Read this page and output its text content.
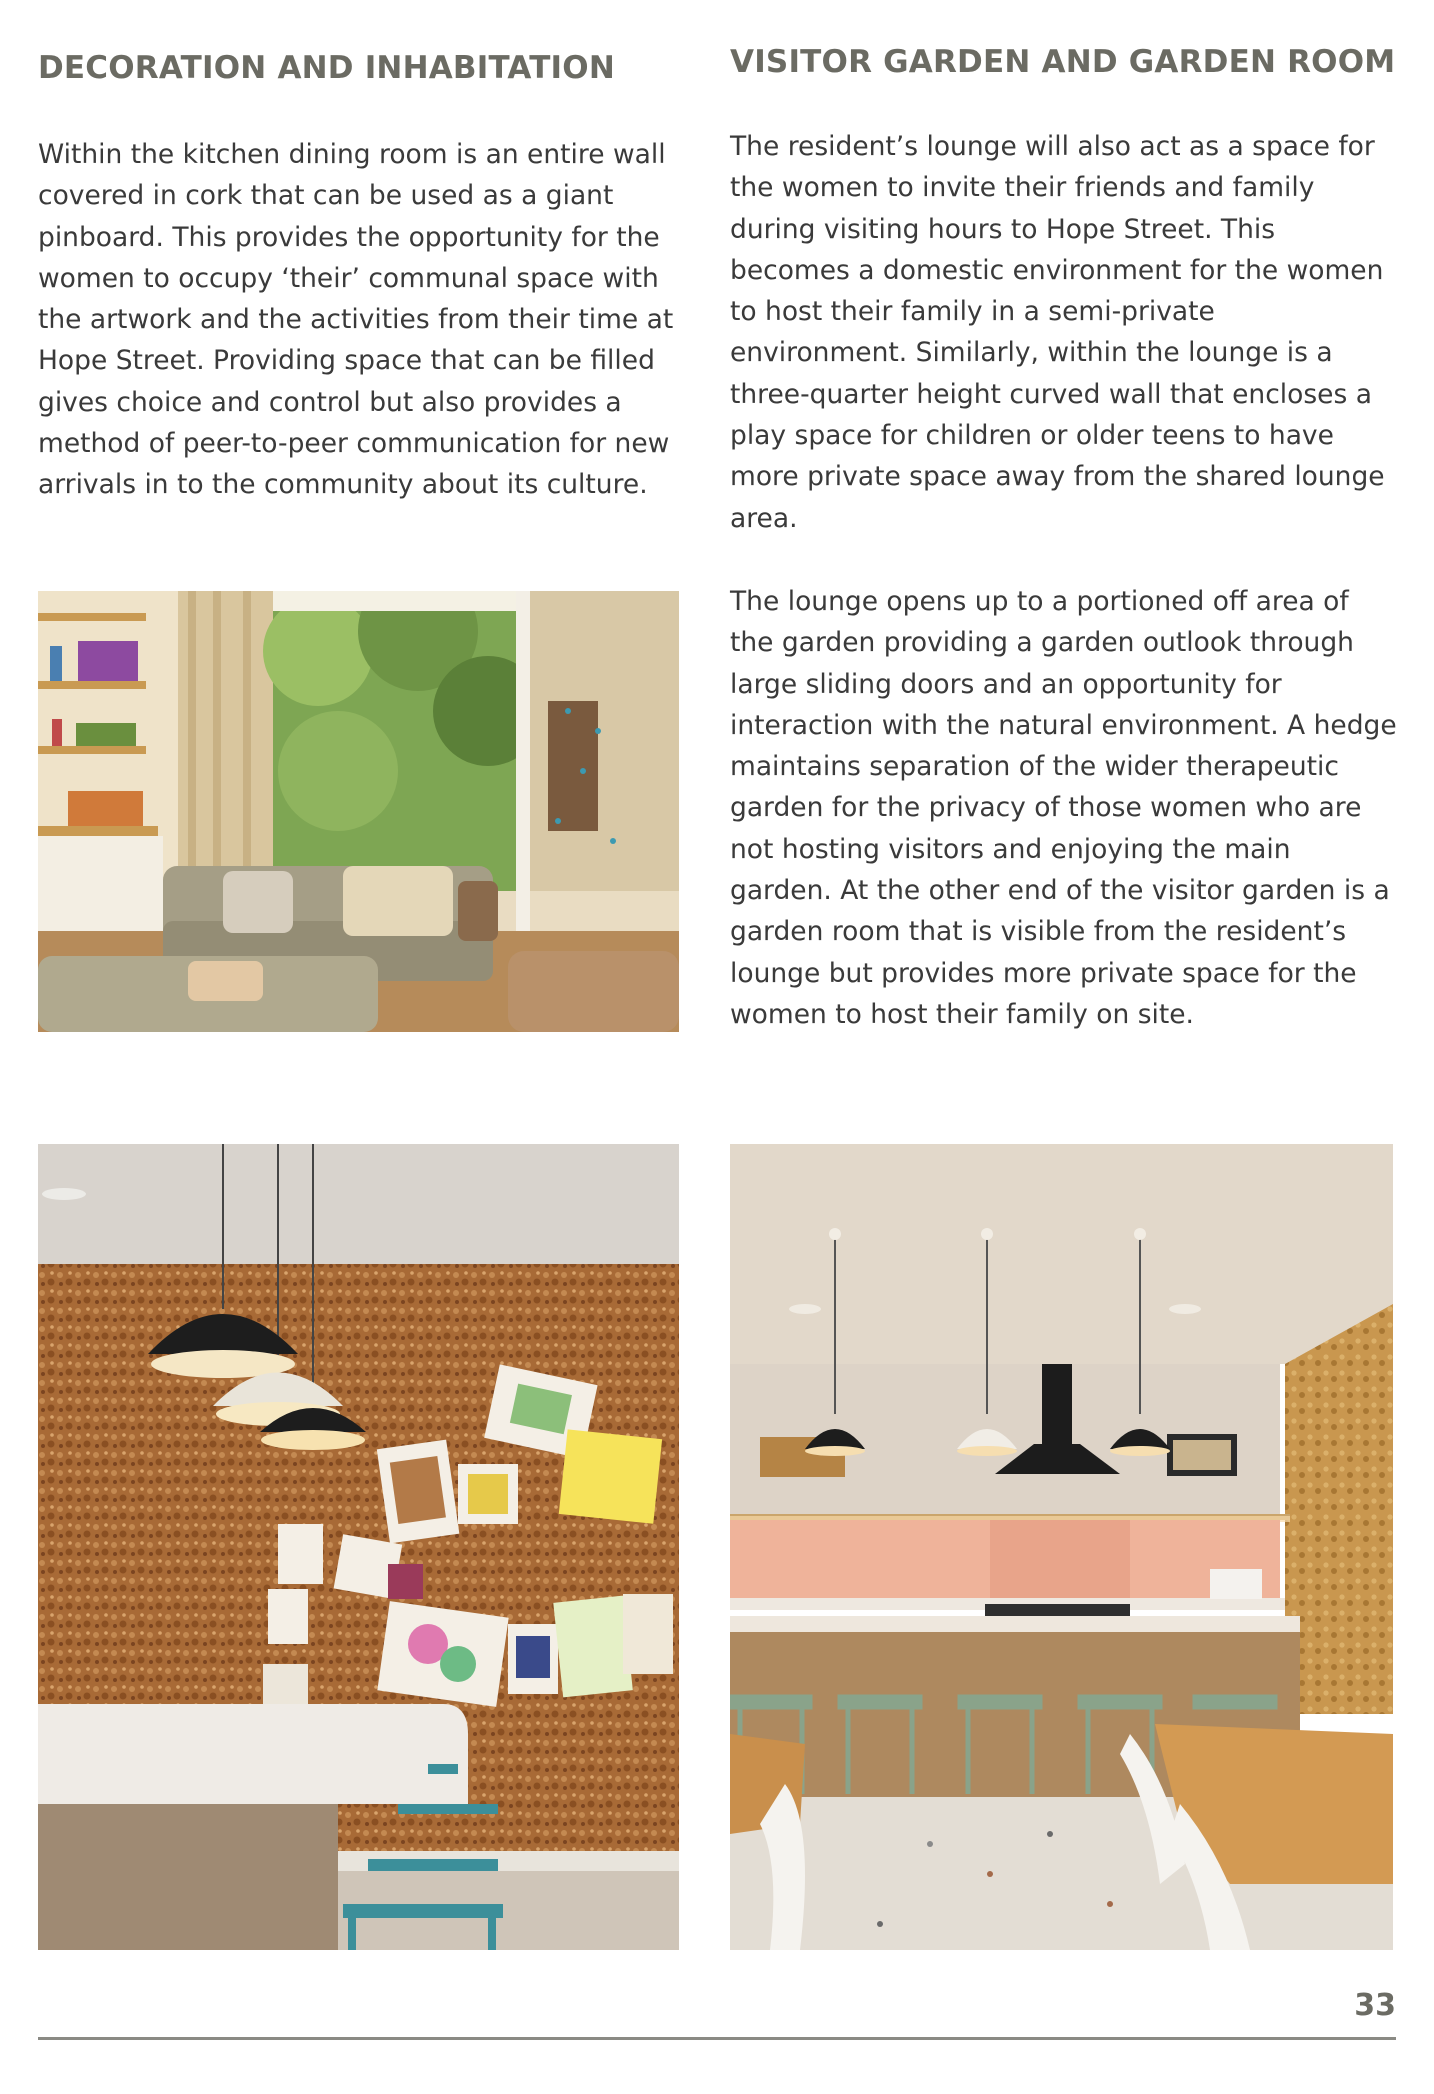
DECORATION AND INHABITATION

Within the kitchen dining room is an entire wall covered in cork that can be used as a giant pinboard. This provides the opportunity for the women to occupy ‘their’ communal space with the artwork and the activities from their time at Hope Street. Providing space that can be filled gives choice and control but also provides a method of peer-to-peer communication for new arrivals in to the community about its culture.

VISITOR GARDEN AND GARDEN ROOM

The resident’s lounge will also act as a space for the women to invite their friends and family during visiting hours to Hope Street. This becomes a domestic environment for the women to host their family in a semi-private environment. Similarly, within the lounge is a three-quarter height curved wall that encloses a play space for children or older teens to have more private space away from the shared lounge area.

The lounge opens up to a portioned off area of the garden providing a garden outlook through large sliding doors and an opportunity for interaction with the natural environment. A hedge maintains separation of the wider therapeutic garden for the privacy of those women who are not hosting visitors and enjoying the main garden. At the other end of the visitor garden is a garden room that is visible from the resident’s lounge but provides more private space for the women to host their family on site.

33
